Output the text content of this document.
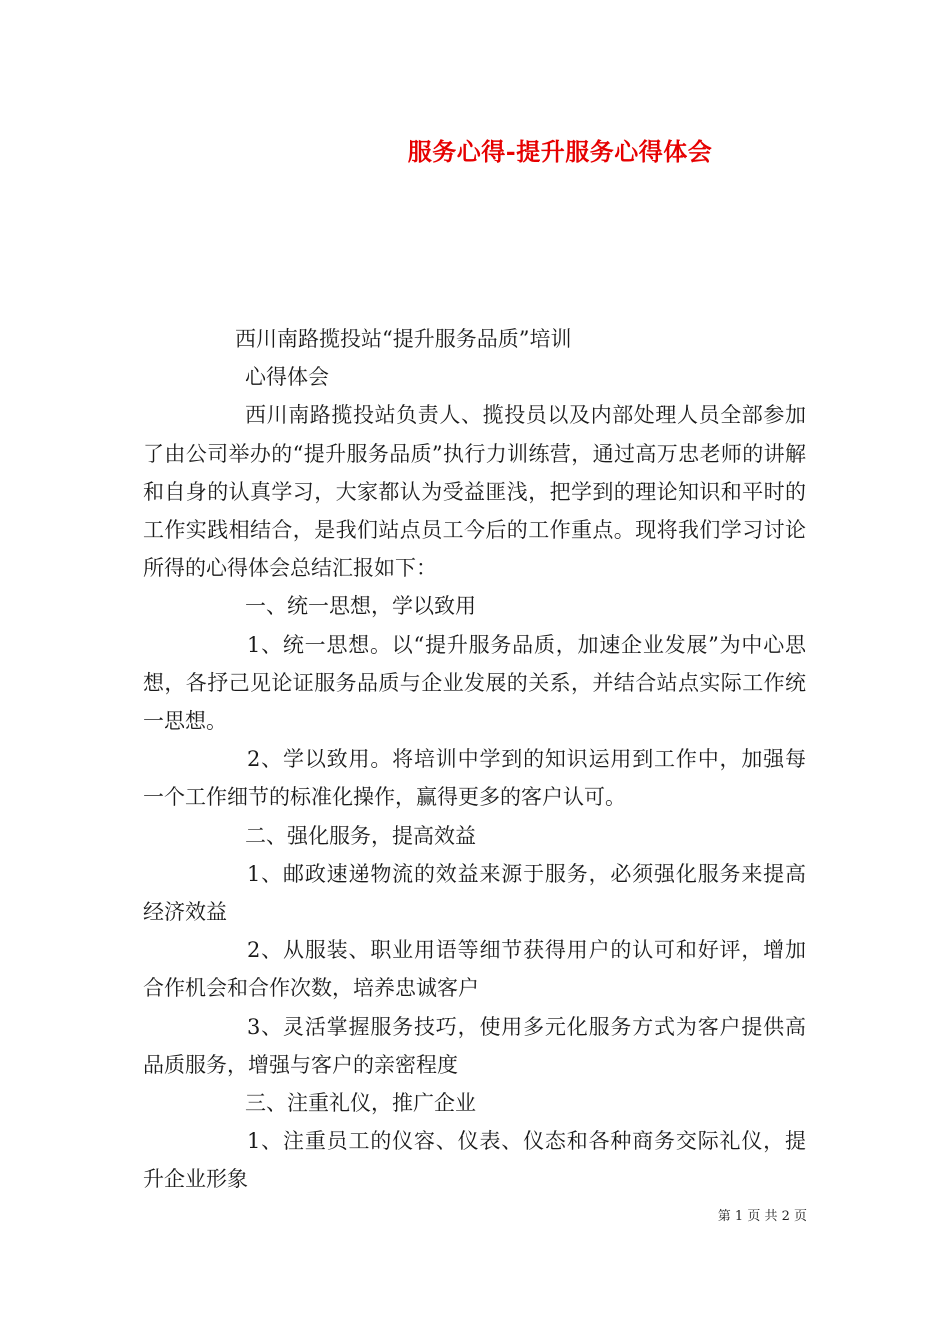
服务心得-提升服务心得体会

西川南路揽投站“提升服务品质”培训

心得体会

西川南路揽投站负责人、揽投员以及内部处理人员全部参加了由公司举办的“提升服务品质”执行力训练营，通过高万忠老师的讲解和自身的认真学习，大家都认为受益匪浅，把学到的理论知识和平时的工作实践相结合，是我们站点员工今后的工作重点。现将我们学习讨论所得的心得体会总结汇报如下：

一、统一思想，学以致用

1、统一思想。以“提升服务品质，加速企业发展”为中心思想，各抒己见论证服务品质与企业发展的关系，并结合站点实际工作统一思想。

2、学以致用。将培训中学到的知识运用到工作中，加强每一个工作细节的标准化操作，赢得更多的客户认可。

二、强化服务，提高效益

1、邮政速递物流的效益来源于服务，必须强化服务来提高经济效益

2、从服装、职业用语等细节获得用户的认可和好评，增加合作机会和合作次数，培养忠诚客户

3、灵活掌握服务技巧，使用多元化服务方式为客户提供高品质服务，增强与客户的亲密程度

三、注重礼仪，推广企业

1、注重员工的仪容、仪表、仪态和各种商务交际礼仪，提升企业形象

第 1 页 共 2 页
